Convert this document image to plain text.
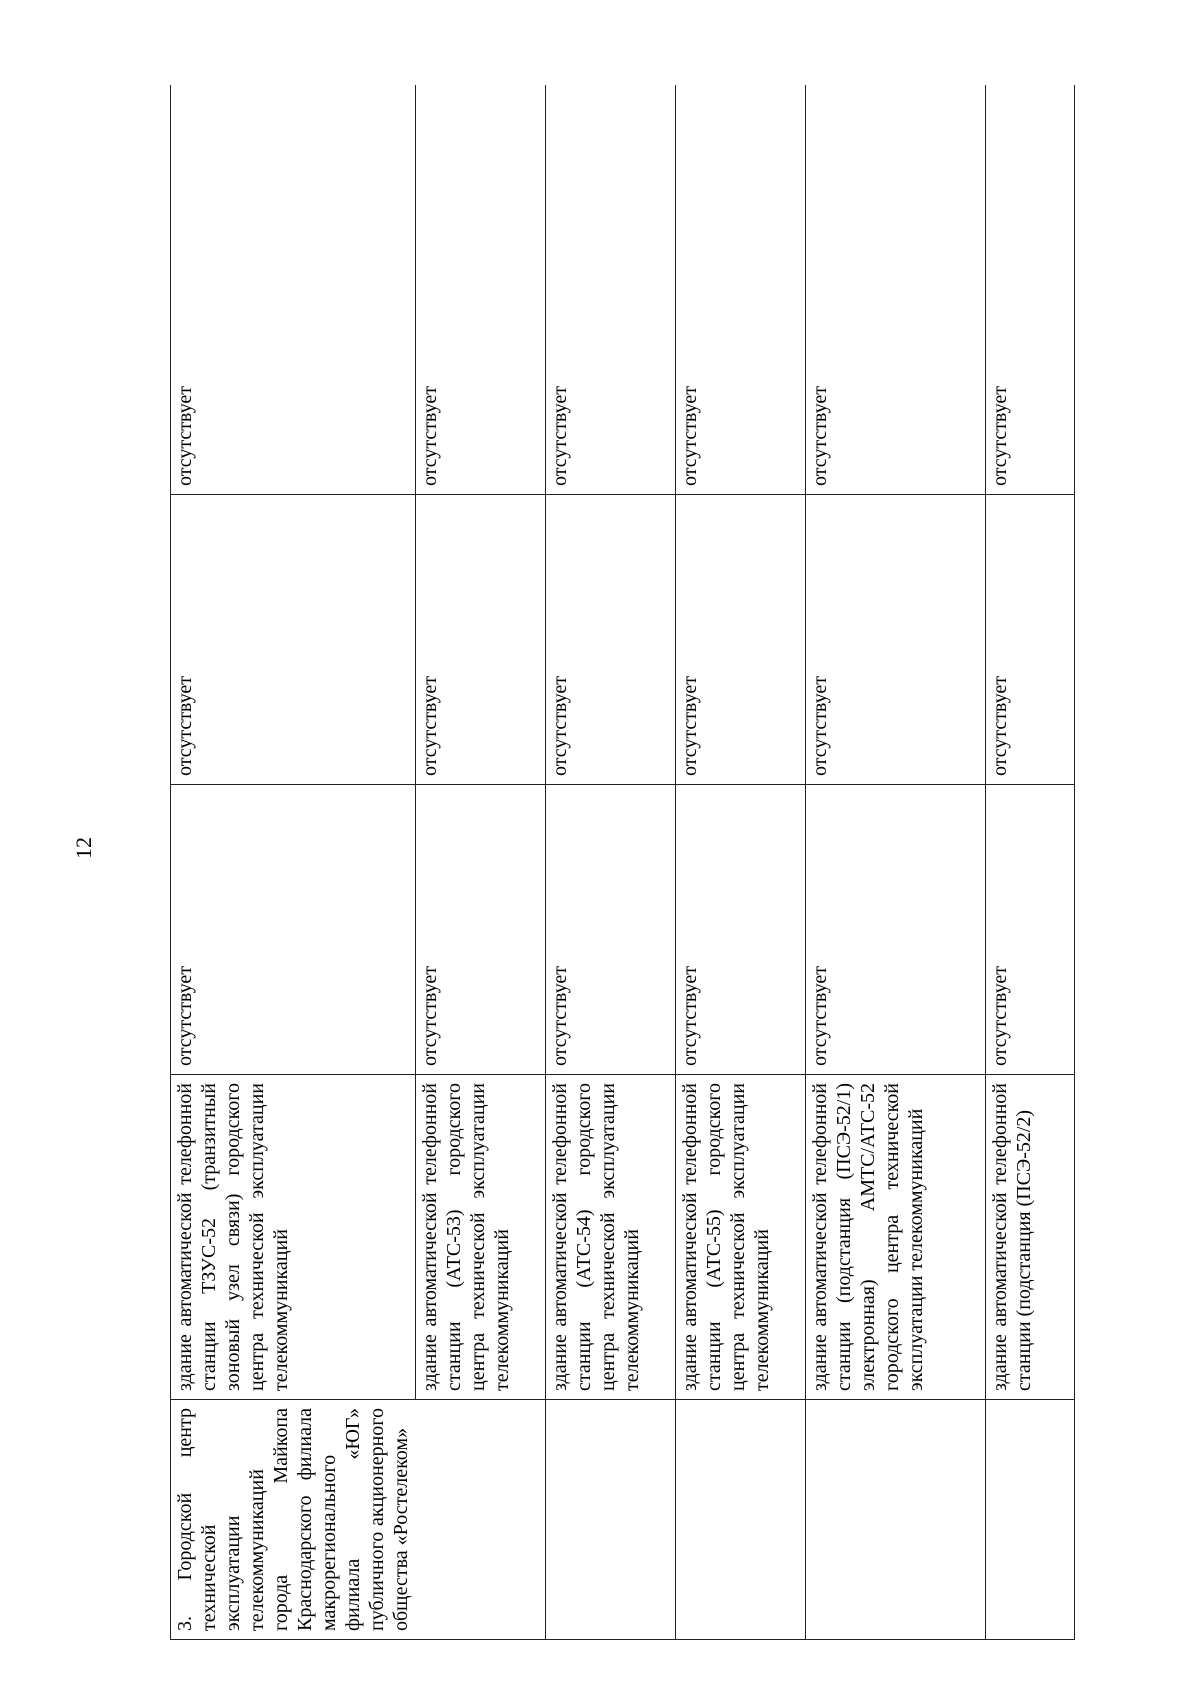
12
3. Городской центр технической эксплуатации телекоммуникаций города Майкопа Краснодарского филиала макрорегионального филиала «ЮГ» публичного акционерного общества «Ростелеком»	здание автоматической телефонной станции ТЗУС-52 (транзитный зоновый узел связи) городского центра технической эксплуатации телекоммуникаций	отсутствует	отсутствует	отсутствует
	здание автоматической телефонной станции (АТС-53) городского центра технической эксплуатации телекоммуникаций	отсутствует	отсутствует	отсутствует
	здание автоматической телефонной станции (АТС-54) городского центра технической эксплуатации телекоммуникаций	отсутствует	отсутствует	отсутствует
	здание автоматической телефонной станции (АТС-55) городского центра технической эксплуатации телекоммуникаций	отсутствует	отсутствует	отсутствует
	здание автоматической телефонной станции (подстанция (ПСЭ-52/1) электронная) АМТС/АТС-52 городского центра технической эксплуатации телекоммуникаций	отсутствует	отсутствует	отсутствует
	здание автоматической телефонной станции (подстанция (ПСЭ-52/2)	отсутствует	отсутствует	отсутствует
